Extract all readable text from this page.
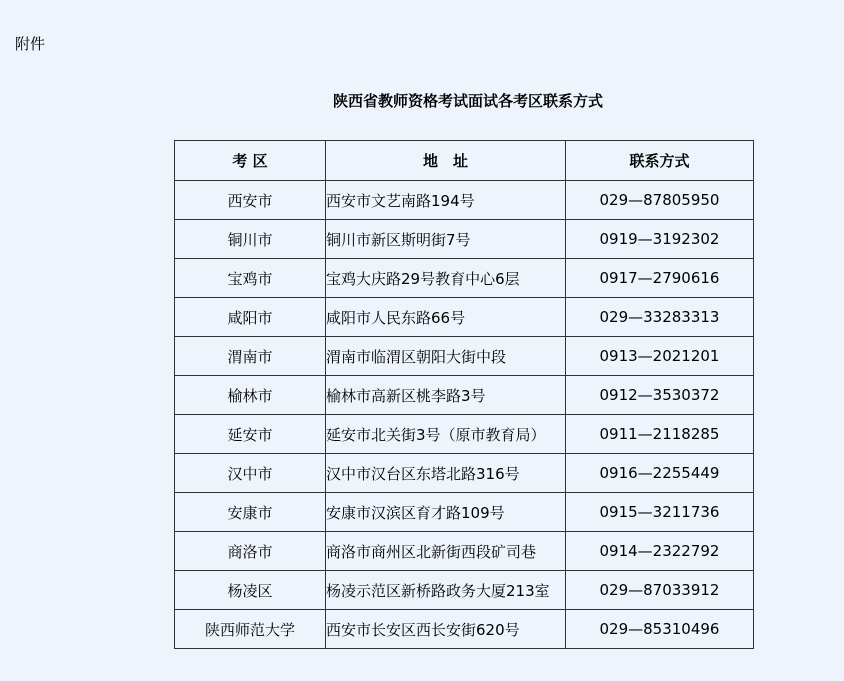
附件
陕西省教师资格考试面试各考区联系方式
考 区	地　址	联系方式
西安市	西安市文艺南路194号	029—87805950
铜川市	铜川市新区斯明街7号	0919—3192302
宝鸡市	宝鸡大庆路29号教育中心6层	0917—2790616
咸阳市	咸阳市人民东路66号	029—33283313
渭南市	渭南市临渭区朝阳大街中段	0913—2021201
榆林市	榆林市高新区桃李路3号	0912—3530372
延安市	延安市北关街3号（原市教育局）	0911—2118285
汉中市	汉中市汉台区东塔北路316号	0916—2255449
安康市	安康市汉滨区育才路109号	0915—3211736
商洛市	商洛市商州区北新街西段矿司巷	0914—2322792
杨凌区	杨凌示范区新桥路政务大厦213室	029—87033912
陕西师范大学	西安市长安区西长安街620号	029—85310496
